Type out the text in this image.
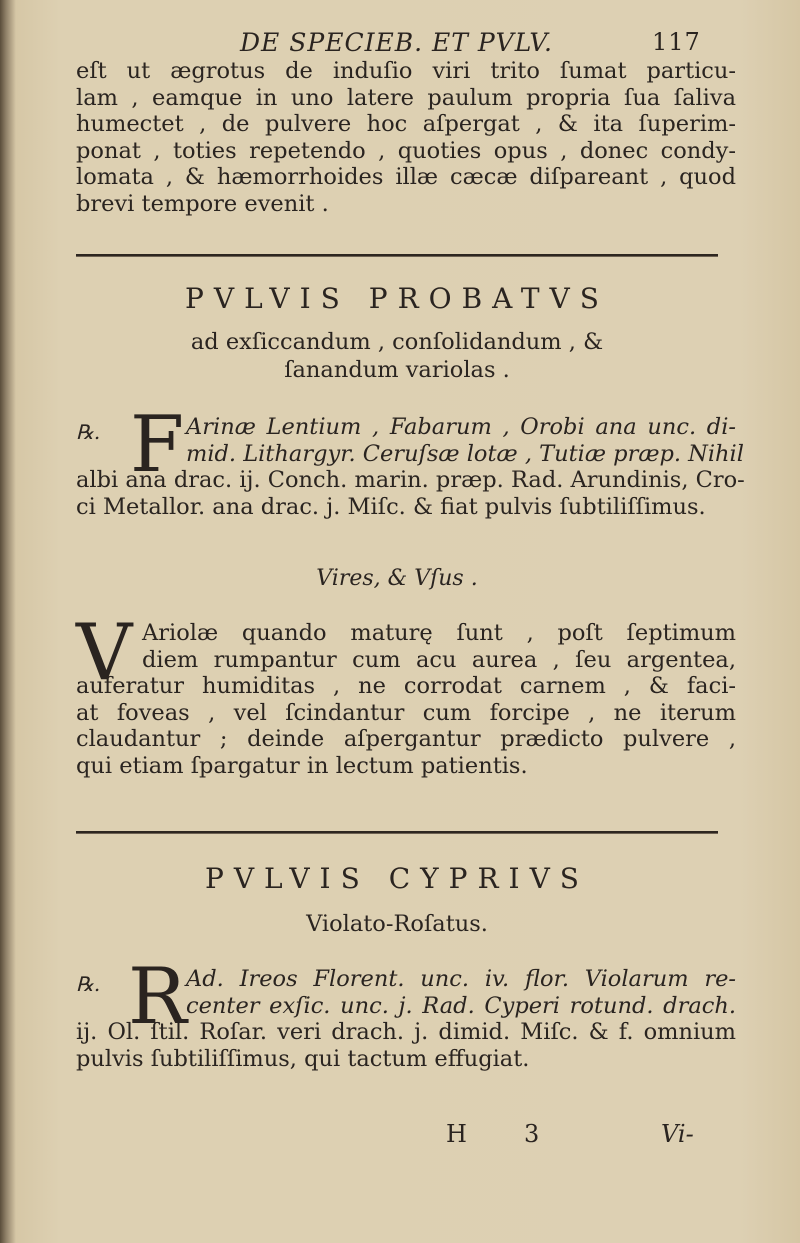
DE SPECIEB. ET PVLV.	117
eſt ut ægrotus de induſio viri trito ſumat particu-
lam , eamque in uno latere paulum propria ſua ſaliva
humectet , de pulvere hoc aſpergat , & ita ſuperim-
ponat , toties repetendo , quoties opus , donec condy-
lomata , & hæmorrhoides illæ cæcæ diſpareant , quod
brevi tempore evenit .
PVLVIS PROBATVS
ad exſiccandum , conſolidandum , &
ſanandum variolas .
℞. F Arinæ Lentium , Fabarum , Orobi ana unc. di-
mid. Lithargyr. Ceruſsæ lotæ , Tutiæ præp. Nihil
albi ana drac. ij. Conch. marin. præp. Rad. Arundinis, Cro-
ci Metallor. ana drac. j. Miſc. & fiat pulvis ſubtiliſſimus.
Vires, & Vſus .
V Ariolæ quando maturę ſunt , poſt ſeptimum
diem rumpantur cum acu aurea , ſeu argentea,
auferatur humiditas , ne corrodat carnem , & faci-
at foveas , vel ſcindantur cum forcipe , ne iterum
claudantur ; deinde aſpergantur prædicto pulvere ,
qui etiam ſpargatur in lectum patientis.
PVLVIS CYPRIVS
Violato-Roſatus.
℞. R Ad. Ireos Florent. unc. iv. flor. Violarum re-
center exſic. unc. j. Rad. Cyperi rotund. drach.
ij. Ol. ſtil. Roſar. veri drach. j. dimid. Miſc. & f. omnium
pulvis ſubtiliſſimus, qui tactum effugiat.
H 3	Vi-
